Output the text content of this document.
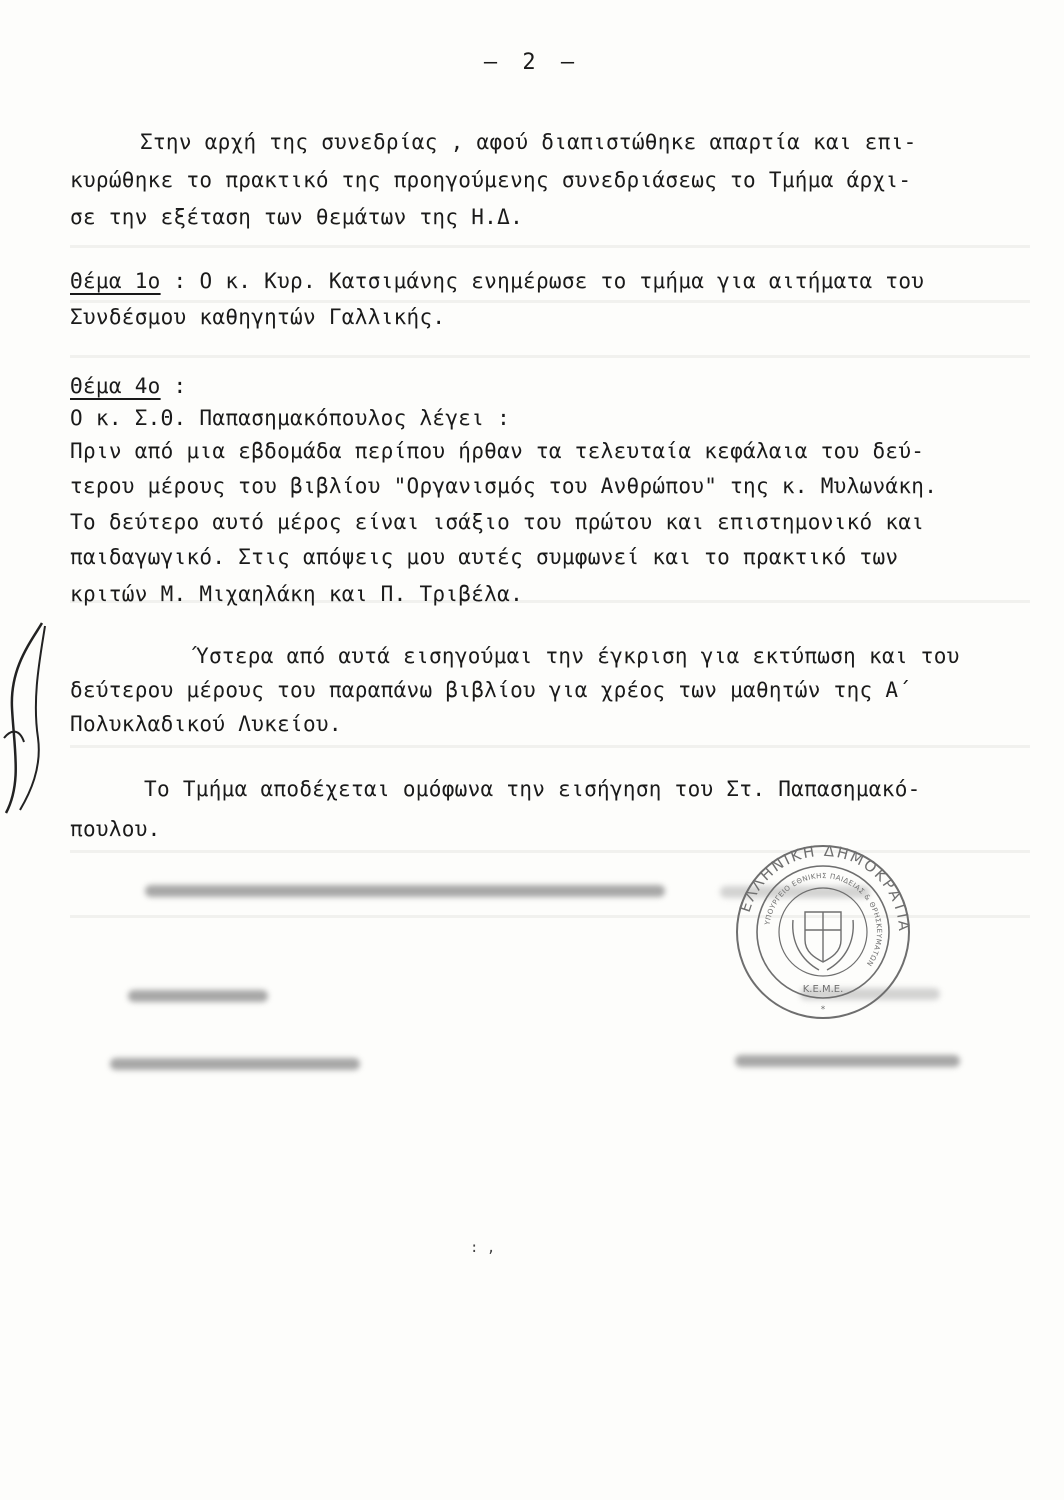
– 2 –
Στην αρχή της συνεδρίας , αφού διαπιστώθηκε απαρτία και επι-
κυρώθηκε το πρακτικό της προηγούμενης συνεδριάσεως το Τμήμα άρχι-
σε την εξέταση των θεμάτων της Η.Δ.
Θέμα 1ο : Ο κ. Κυρ. Κατσιμάνης ενημέρωσε το τμήμα για αιτήματα του
Συνδέσμου καθηγητών Γαλλικής.
Θέμα 4ο :
Ο κ. Σ.Θ. Παπασημακόπουλος λέγει :
Πριν από μια εβδομάδα περίπου ήρθαν τα τελευταία κεφάλαια του δεύ-
τερου μέρους του βιβλίου "Οργανισμός του Ανθρώπου" της κ. Μυλωνάκη.
Το δεύτερο αυτό μέρος είναι ισάξιο του πρώτου και επιστημονικό και
παιδαγωγικό. Στις απόψεις μου αυτές συμφωνεί και το πρακτικό των
κριτών Μ. Μιχαηλάκη και Π. Τριβέλα.
Ύστερα από αυτά εισηγούμαι την έγκριση για εκτύπωση και του
δεύτερου μέρους του παραπάνω βιβλίου για χρέος των μαθητών της Α΄
Πολυκλαδικού Λυκείου.
Το Τμήμα αποδέχεται ομόφωνα την εισήγηση του Στ. Παπασημακό-
πουλου.
ΕΛΛΗΝΙΚΗ ΔΗΜΟΚΡΑΤΙΑ
ΥΠΟΥΡΓΕΙΟ ΕΘΝΙΚΗΣ ΠΑΙΔΕΙΑΣ & ΘΡΗΣΚΕΥΜΑΤΩΝ
Κ.Ε.Μ.Ε.
*
: ,
